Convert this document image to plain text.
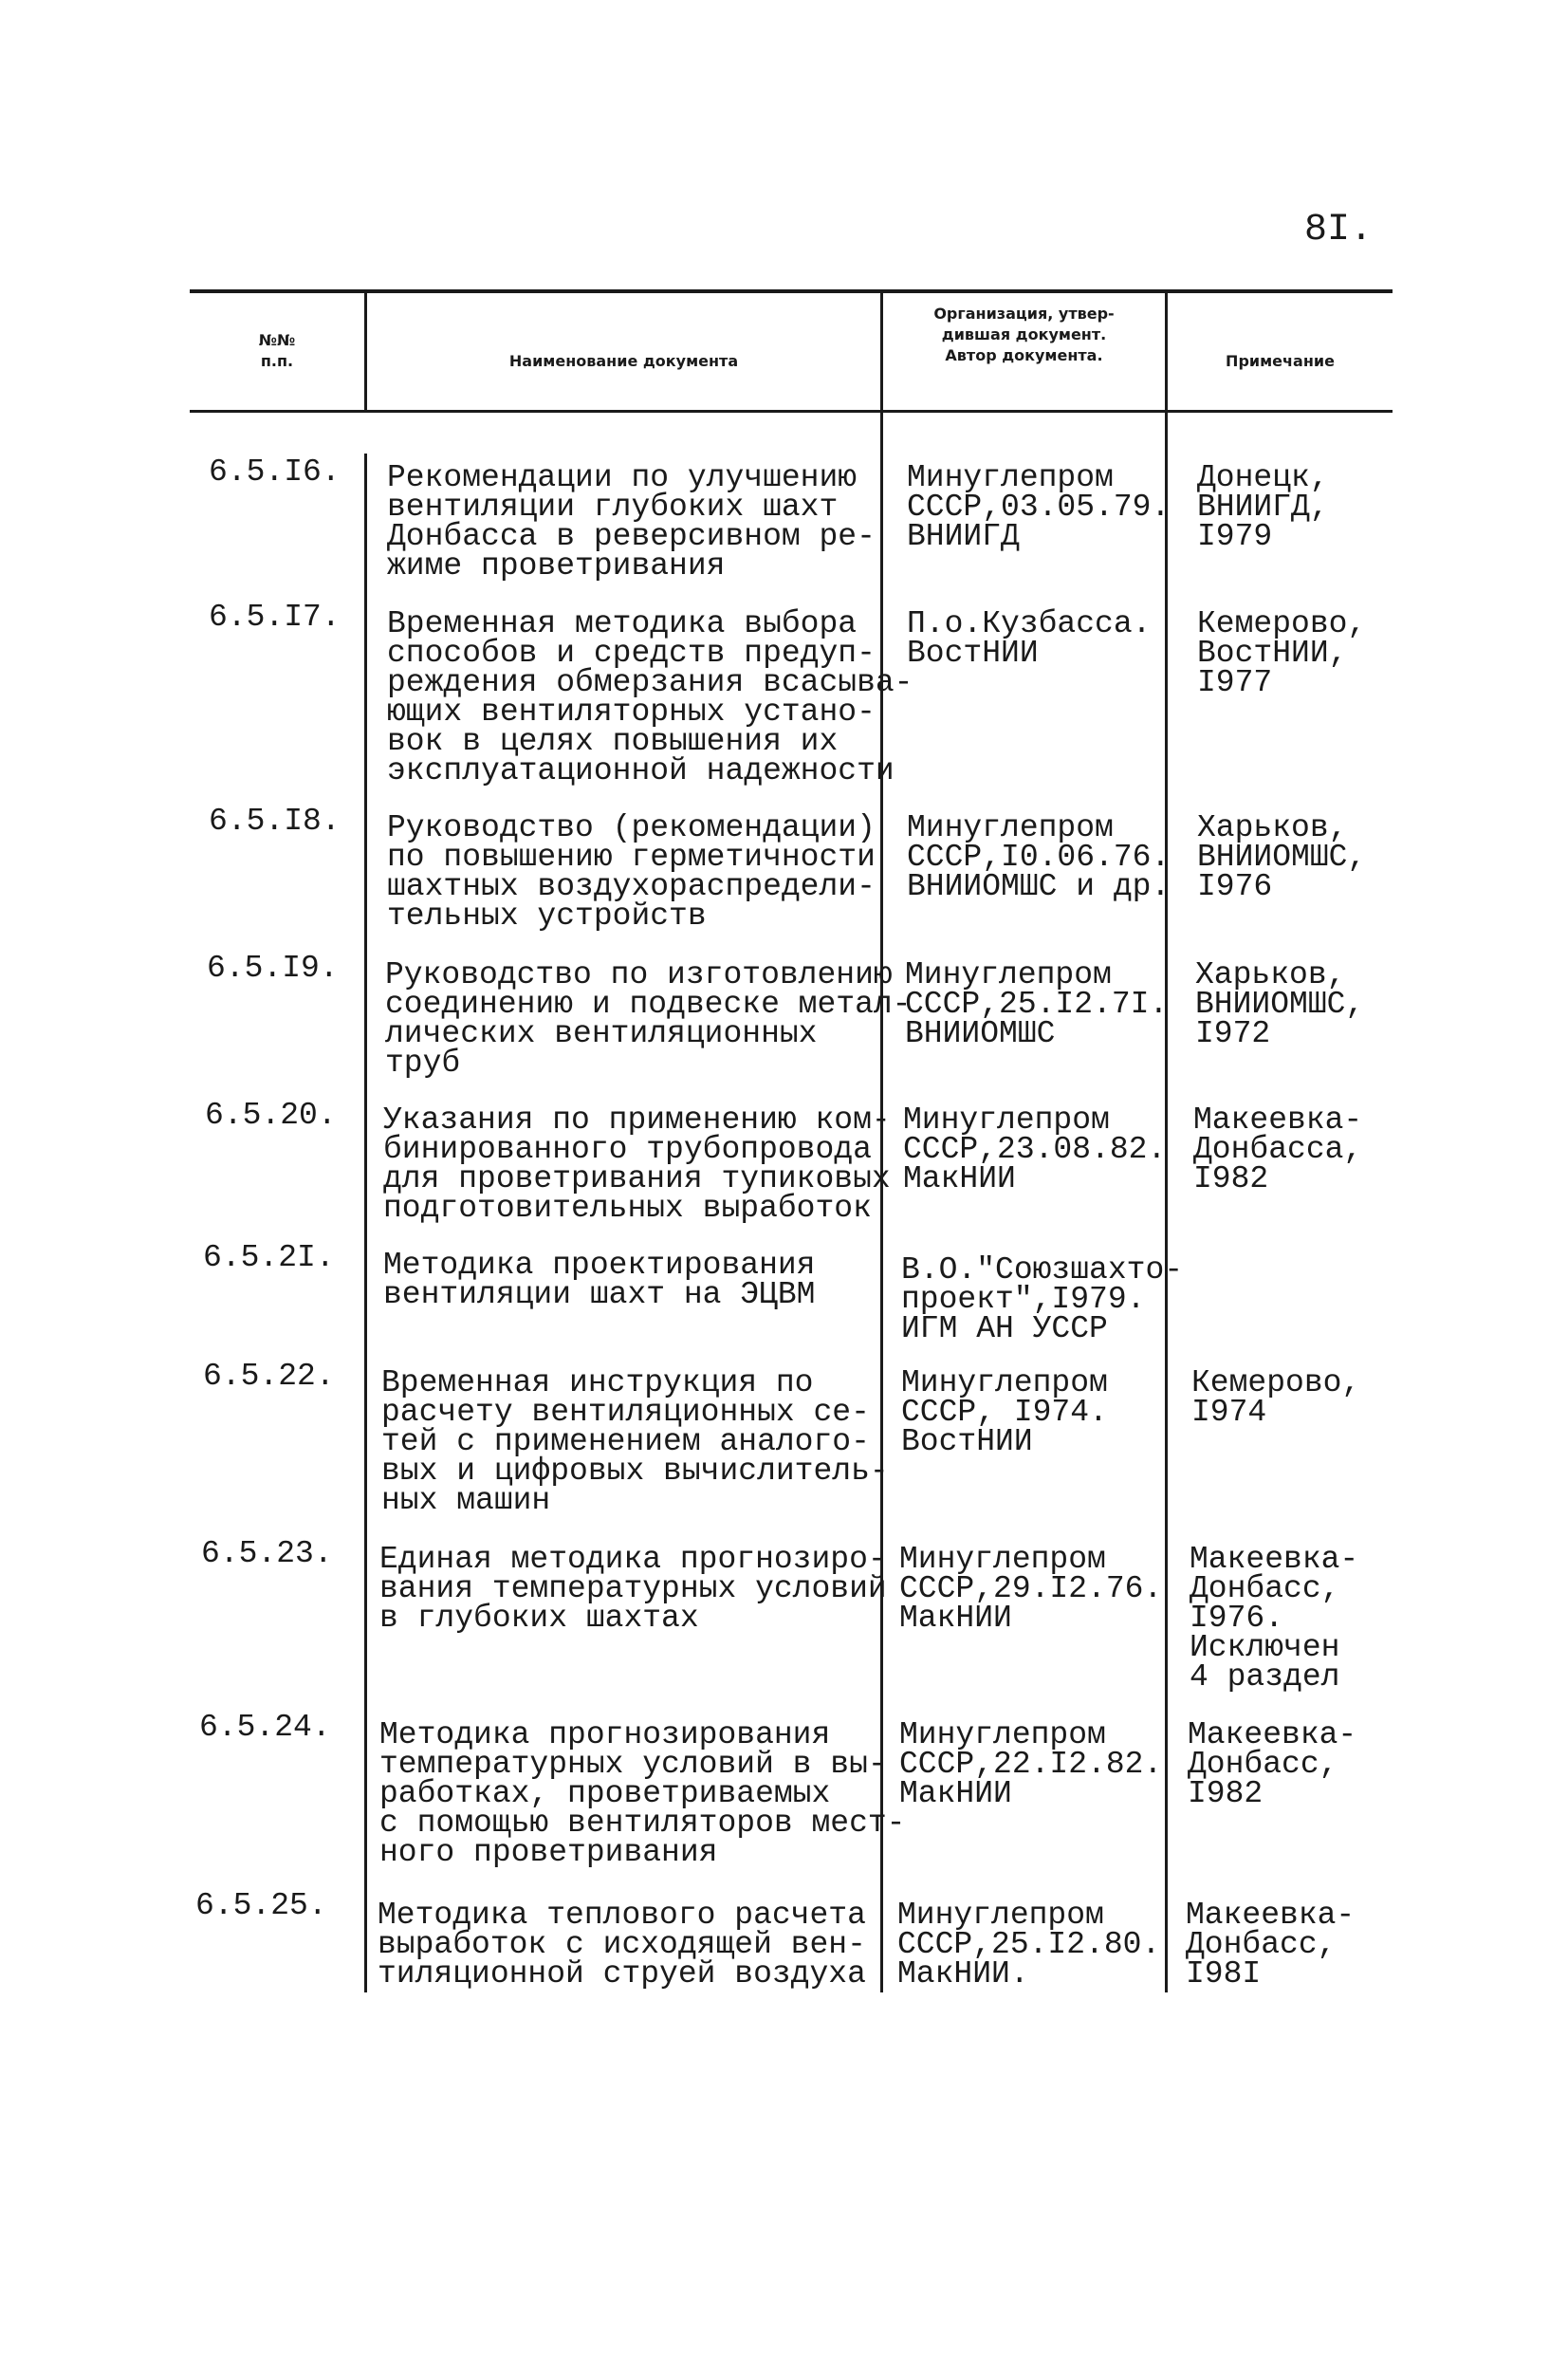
8I.
№№
п.п.	Наименование документа
Организация, утвер-
дившая документ.
Автор документа.	Примечание
6.5.I6. Рекомендации по улучшению
вентиляции глубоких шахт
Донбасса в реверсивном ре-
жиме проветривания
Минуглепром
СССР,03.05.79.
ВНИИГД
Донецк,
ВНИИГД,
I979
6.5.I7. Временная методика выбора
способов и средств предуп-
реждения обмерзания всасыва-
ющих вентиляторных устано-
вок в целях повышения их
эксплуатационной надежности
П.о.Кузбасса.
ВостНИИ
Кемерово,
ВостНИИ,
I977
6.5.I8. Руководство (рекомендации)
по повышению герметичности
шахтных воздухораспредели-
тельных устройств
Минуглепром
СССР,I0.06.76.
ВНИИОМШС и др.
Харьков,
ВНИИОМШС,
I976
6.5.I9. Руководство по изготовлению
соединению и подвеске метал-
лических вентиляционных
труб
Минуглепром
СССР,25.I2.7I.
ВНИИОМШС
Харьков,
ВНИИОМШС,
I972
6.5.20. Указания по применению ком-
бинированного трубопровода
для проветривания тупиковых
подготовительных выработок
Минуглепром
СССР,23.08.82.
МакНИИ
Макеевка-
Донбасса,
I982
6.5.2I. Методика проектирования
вентиляции шахт на ЭЦВМ
В.О."Союзшахто-
проект",I979.
ИГМ АН УССР
6.5.22. Временная инструкция по
расчету вентиляционных се-
тей с применением аналого-
вых и цифровых вычислитель-
ных машин
Минуглепром
СССР, I974.
ВостНИИ
Кемерово,
I974
6.5.23. Единая методика прогнозиро-
вания температурных условий
в глубоких шахтах
Минуглепром
СССР,29.I2.76.
МакНИИ
Макеевка-
Донбасс,
I976.
Исключен
4 раздел
6.5.24. Методика прогнозирования
температурных условий в вы-
работках, проветриваемых
с помощью вентиляторов мест-
ного проветривания
Минуглепром
СССР,22.I2.82.
МакНИИ
Макеевка-
Донбасс,
I982
6.5.25. Методика теплового расчета
выработок с исходящей вен-
тиляционной струей воздуха
Минуглепром
СССР,25.I2.80.
МакНИИ.
Макеевка-
Донбасс,
I98I
